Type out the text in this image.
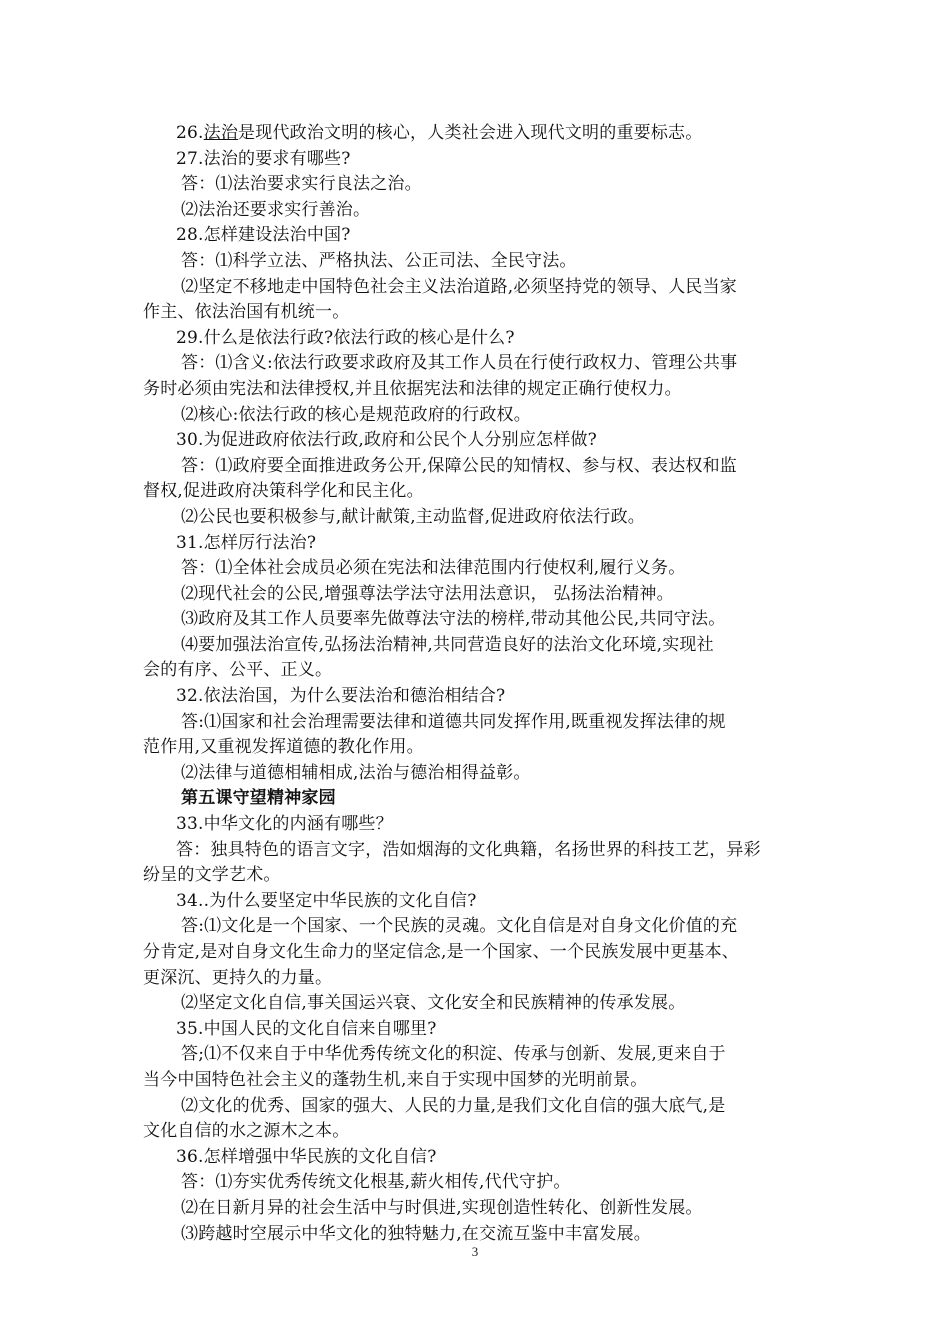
26.法治是现代政治文明的核心，人类社会进入现代文明的重要标志。
27.法治的要求有哪些?
答：⑴法治要求实行良法之治。
⑵法治还要求实行善治。
28.怎样建设法治中国?
答：⑴科学立法、严格执法、公正司法、全民守法。
⑵坚定不移地走中国特色社会主义法治道路,必须坚持党的领导、人民当家
作主、依法治国有机统一。
29.什么是依法行政?依法行政的核心是什么?
答：⑴含义:依法行政要求政府及其工作人员在行使行政权力、管理公共事
务时必须由宪法和法律授权,并且依据宪法和法律的规定正确行使权力。
⑵核心:依法行政的核心是规范政府的行政权。
30.为促进政府依法行政,政府和公民个人分别应怎样做?
答：⑴政府要全面推进政务公开,保障公民的知情权、参与权、表达权和监
督权,促进政府决策科学化和民主化。
⑵公民也要积极参与,献计献策,主动监督,促进政府依法行政。
31.怎样厉行法治?
答：⑴全体社会成员必须在宪法和法律范围内行使权利,履行义务。
⑵现代社会的公民,增强尊法学法守法用法意识， 弘扬法治精神。
⑶政府及其工作人员要率先做尊法守法的榜样,带动其他公民,共同守法。
⑷要加强法治宣传,弘扬法治精神,共同营造良好的法治文化环境,实现社
会的有序、公平、正义。
32.依法治国，为什么要法治和德治相结合?
答:⑴国家和社会治理需要法律和道德共同发挥作用,既重视发挥法律的规
范作用,又重视发挥道德的教化作用。
⑵法律与道德相辅相成,法治与德治相得益彰。
第五课守望精神家园
33.中华文化的内涵有哪些？
答：独具特色的语言文字，浩如烟海的文化典籍，名扬世界的科技工艺，异彩
纷呈的文学艺术。
34..为什么要坚定中华民族的文化自信?
答:⑴文化是一个国家、一个民族的灵魂。文化自信是对自身文化价值的充
分肯定,是对自身文化生命力的坚定信念,是一个国家、一个民族发展中更基本、
更深沉、更持久的力量。
⑵坚定文化自信,事关国运兴衰、文化安全和民族精神的传承发展。
35.中国人民的文化自信来自哪里?
答;⑴不仅来自于中华优秀传统文化的积淀、传承与创新、发展,更来自于
当今中国特色社会主义的蓬勃生机,来自于实现中国梦的光明前景。
⑵文化的优秀、国家的强大、人民的力量,是我们文化自信的强大底气,是
文化自信的水之源木之本。
36.怎样增强中华民族的文化自信?
答：⑴夯实优秀传统文化根基,薪火相传,代代守护。
⑵在日新月异的社会生活中与时俱进,实现创造性转化、创新性发展。
⑶跨越时空展示中华文化的独特魅力,在交流互鉴中丰富发展。
3
